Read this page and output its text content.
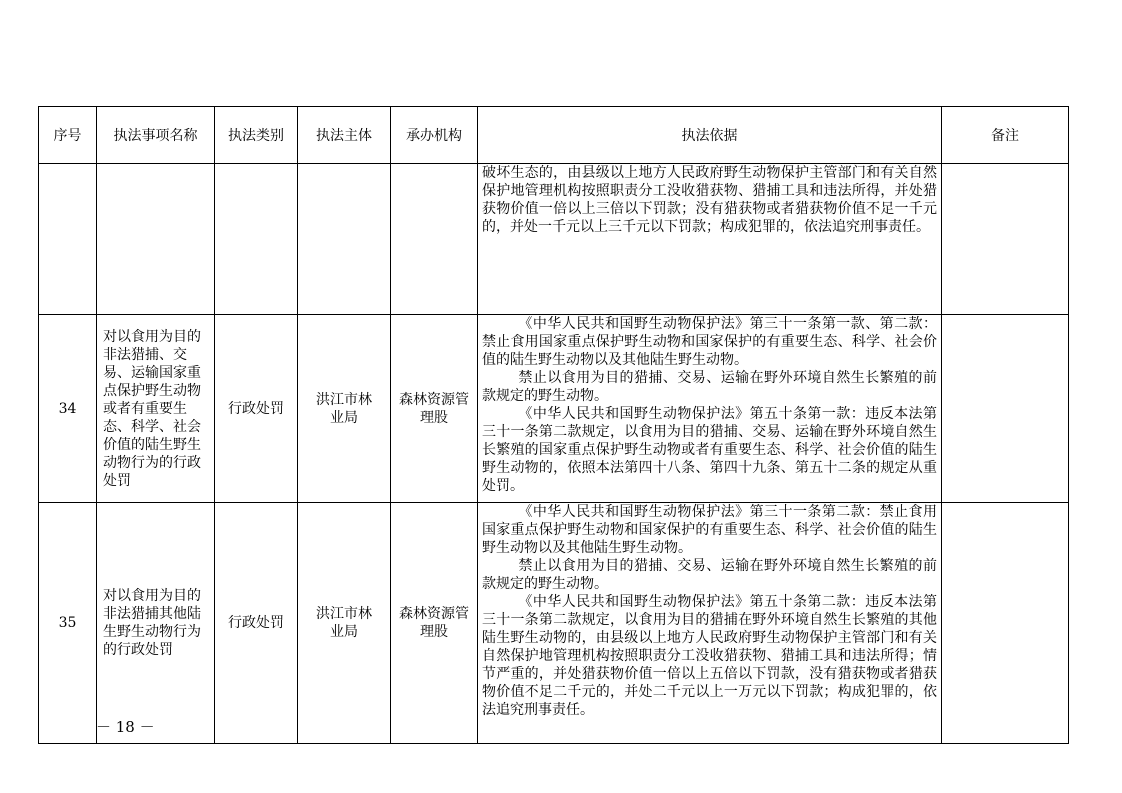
序号	执法事项名称	执法类别	执法主体	承办机构	执法依据	备注

					破坏生态的，由县级以上地方人民政府野生动物保护主管部门和有关自然保护地管理机构按照职责分工没收猎获物、猎捕工具和违法所得，并处猎获物价值一倍以上三倍以下罚款；没有猎获物或者猎获物价值不足一千元的，并处一千元以上三千元以下罚款；构成犯罪的，依法追究刑事责任。	

34	对以食用为目的非法猎捕、交易、运输国家重点保护野生动物或者有重要生态、科学、社会价值的陆生野生动物行为的行政处罚	行政处罚	洪江市林业局	森林资源管理股	《中华人民共和国野生动物保护法》第三十一条第一款、第二款： 禁止食用国家重点保护野生动物和国家保护的有重要生态、科学、社会价值的陆生野生动物以及其他陆生野生动物。

禁止以食用为目的猎捕、交易、运输在野外环境自然生长繁殖的前款规定的野生动物。

《中华人民共和国野生动物保护法》第五十条第一款：违反本法第三十一条第二款规定，以食用为目的猎捕、交易、运输在野外环境自然生长繁殖的国家重点保护野生动物或者有重要生态、科学、社会价值的陆生野生动物的，依照本法第四十八条、第四十九条、第五十二条的规定从重处罚。	

35	对以食用为目的非法猎捕其他陆生野生动物行为的行政处罚	行政处罚	洪江市林业局	森林资源管理股	《中华人民共和国野生动物保护法》第三十一条第二款：禁止食用国家重点保护野生动物和国家保护的有重要生态、科学、社会价值的陆生野生动物以及其他陆生野生动物。

禁止以食用为目的猎捕、交易、运输在野外环境自然生长繁殖的前款规定的野生动物。

《中华人民共和国野生动物保护法》第五十条第二款：违反本法第三十一条第二款规定，以食用为目的猎捕在野外环境自然生长繁殖的其他陆生野生动物的，由县级以上地方人民政府野生动物保护主管部门和有关自然保护地管理机构按照职责分工没收猎获物、猎捕工具和违法所得；情节严重的，并处猎获物价值一倍以上五倍以下罚款，没有猎获物或者猎获物价值不足二千元的，并处二千元以上一万元以下罚款；构成犯罪的，依法追究刑事责任。	

－ 18 －
